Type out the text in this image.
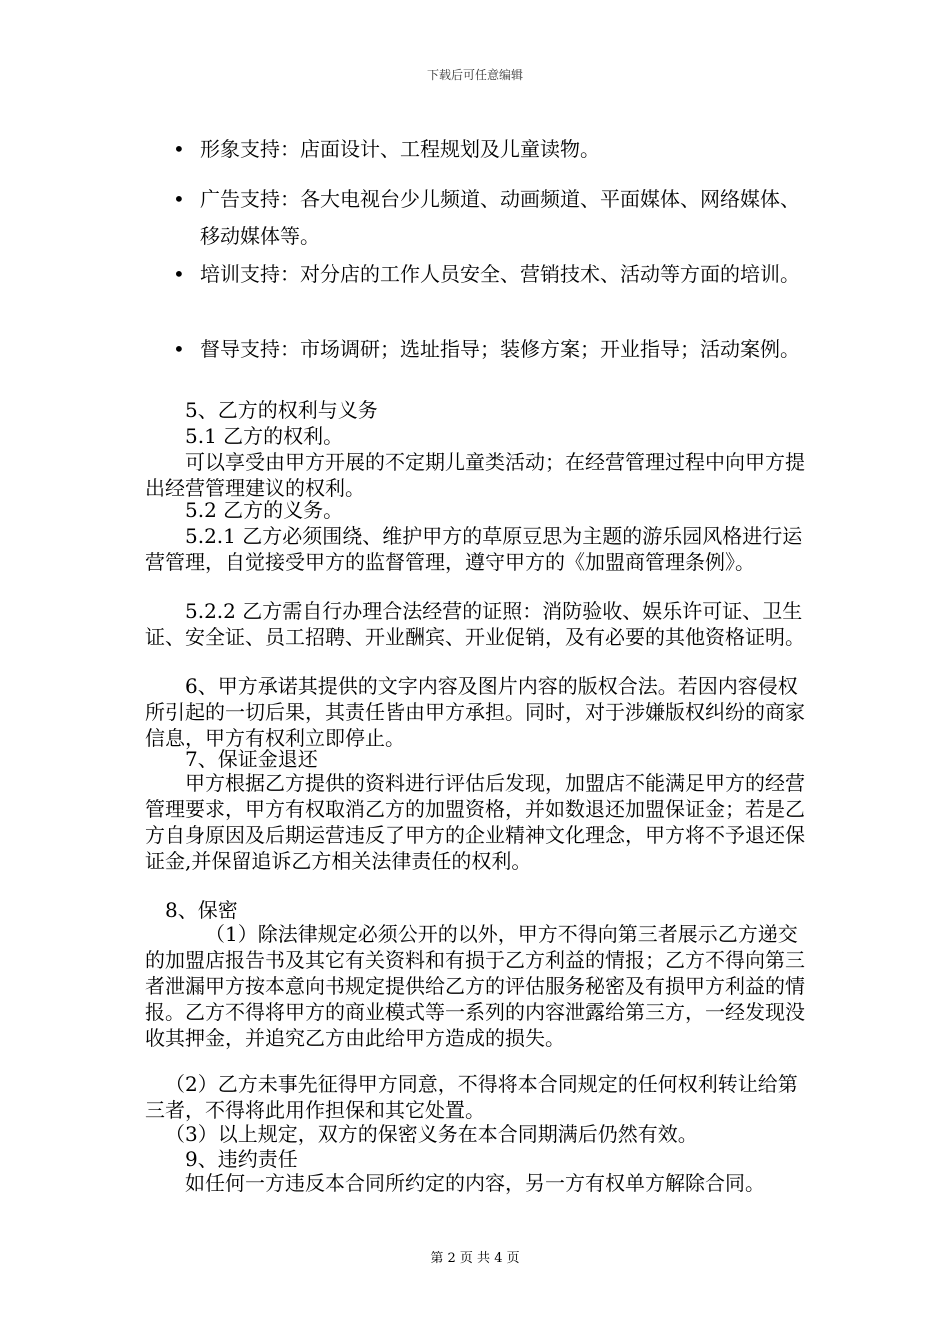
下载后可任意编辑
• 形象支持：店面设计、工程规划及儿童读物。
• 广告支持：各大电视台少儿频道、动画频道、平面媒体、网络媒体、移动媒体等。
• 培训支持：对分店的工作人员安全、营销技术、活动等方面的培训。
• 督导支持：市场调研；选址指导；装修方案；开业指导；活动案例。
5、乙方的权利与义务
5.1 乙方的权利。
可以享受由甲方开展的不定期儿童类活动；在经营管理过程中向甲方提出经营管理建议的权利。
5.2 乙方的义务。
5.2.1 乙方必须围绕、维护甲方的草原豆思为主题的游乐园风格进行运营管理，自觉接受甲方的监督管理，遵守甲方的《加盟商管理条例》。
5.2.2 乙方需自行办理合法经营的证照：消防验收、娱乐许可证、卫生证、安全证、员工招聘、开业酬宾、开业促销，及有必要的其他资格证明。
6、甲方承诺其提供的文字内容及图片内容的版权合法。若因内容侵权所引起的一切后果，其责任皆由甲方承担。同时，对于涉嫌版权纠纷的商家信息，甲方有权利立即停止。
7、保证金退还
甲方根据乙方提供的资料进行评估后发现，加盟店不能满足甲方的经营管理要求，甲方有权取消乙方的加盟资格，并如数退还加盟保证金；若是乙方自身原因及后期运营违反了甲方的企业精神文化理念，甲方将不予退还保证金,并保留追诉乙方相关法律责任的权利。
8、保密
（1）除法律规定必须公开的以外，甲方不得向第三者展示乙方递交的加盟店报告书及其它有关资料和有损于乙方利益的情报；乙方不得向第三者泄漏甲方按本意向书规定提供给乙方的评估服务秘密及有损甲方利益的情报。乙方不得将甲方的商业模式等一系列的内容泄露给第三方，一经发现没收其押金，并追究乙方由此给甲方造成的损失。
（2）乙方未事先征得甲方同意，不得将本合同规定的任何权利转让给第三者，不得将此用作担保和其它处置。
（3）以上规定，双方的保密义务在本合同期满后仍然有效。
9、违约责任
如任何一方违反本合同所约定的内容，另一方有权单方解除合同。
第 2 页 共 4 页
